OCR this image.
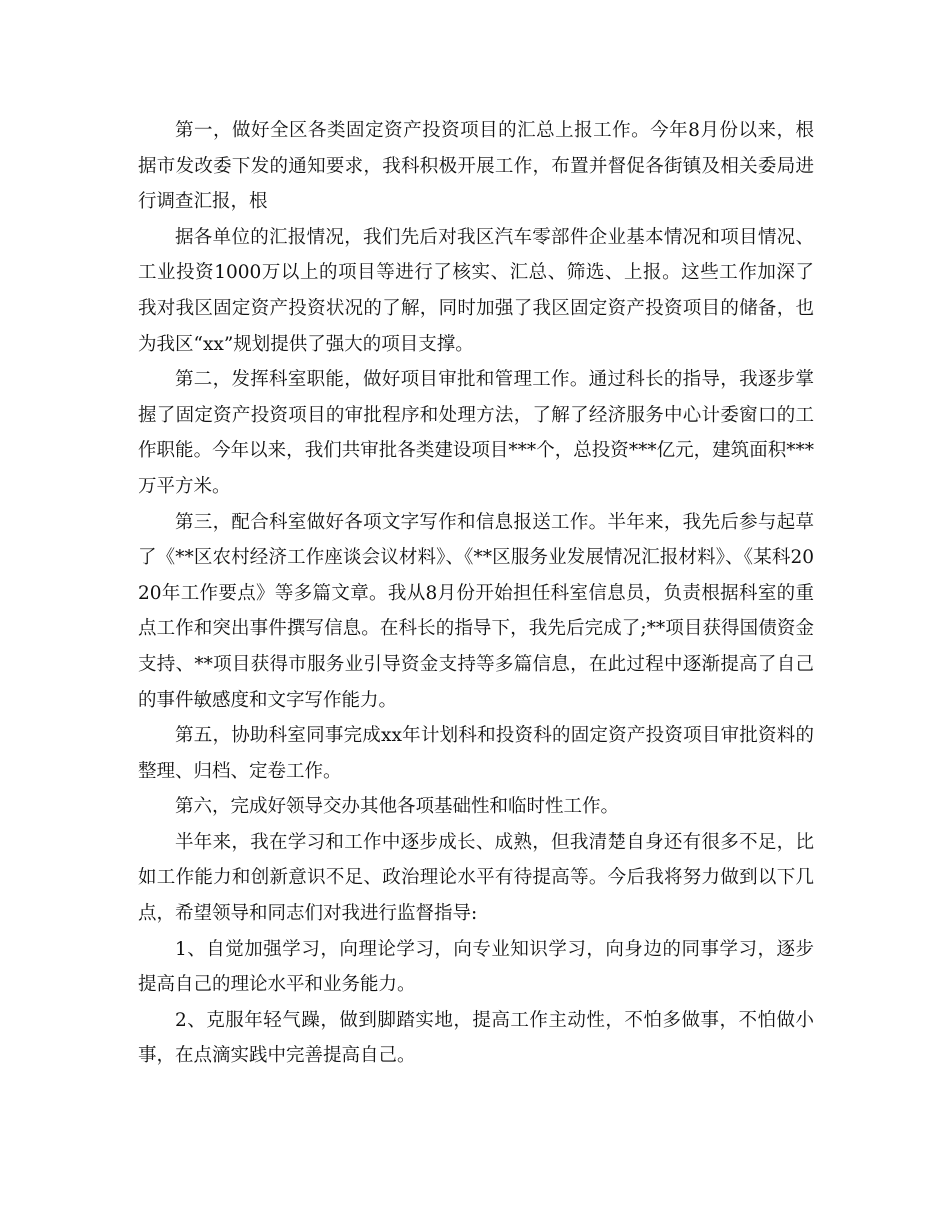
第一，做好全区各类固定资产投资项目的汇总上报工作。今年8月份以来，根据市发改委下发的通知要求，我科积极开展工作，布置并督促各街镇及相关委局进行调查汇报，根

据各单位的汇报情况，我们先后对我区汽车零部件企业基本情况和项目情况、工业投资1000万以上的项目等进行了核实、汇总、筛选、上报。这些工作加深了我对我区固定资产投资状况的了解，同时加强了我区固定资产投资项目的储备，也为我区“xx”规划提供了强大的项目支撑。

第二，发挥科室职能，做好项目审批和管理工作。通过科长的指导，我逐步掌握了固定资产投资项目的审批程序和处理方法，了解了经济服务中心计委窗口的工作职能。今年以来，我们共审批各类建设项目***个，总投资***亿元，建筑面积***万平方米。

第三，配合科室做好各项文字写作和信息报送工作。半年来，我先后参与起草了《**区农村经济工作座谈会议材料》、《**区服务业发展情况汇报材料》、《某科2020年工作要点》等多篇文章。我从8月份开始担任科室信息员，负责根据科室的重点工作和突出事件撰写信息。在科长的指导下，我先后完成了;**项目获得国债资金支持、**项目获得市服务业引导资金支持等多篇信息，在此过程中逐渐提高了自己的事件敏感度和文字写作能力。

第五，协助科室同事完成xx年计划科和投资科的固定资产投资项目审批资料的整理、归档、定卷工作。

第六，完成好领导交办其他各项基础性和临时性工作。

半年来，我在学习和工作中逐步成长、成熟，但我清楚自身还有很多不足，比如工作能力和创新意识不足、政治理论水平有待提高等。今后我将努力做到以下几点，希望领导和同志们对我进行监督指导:

1、自觉加强学习，向理论学习，向专业知识学习，向身边的同事学习，逐步提高自己的理论水平和业务能力。

2、克服年轻气躁，做到脚踏实地，提高工作主动性，不怕多做事，不怕做小事，在点滴实践中完善提高自己。
